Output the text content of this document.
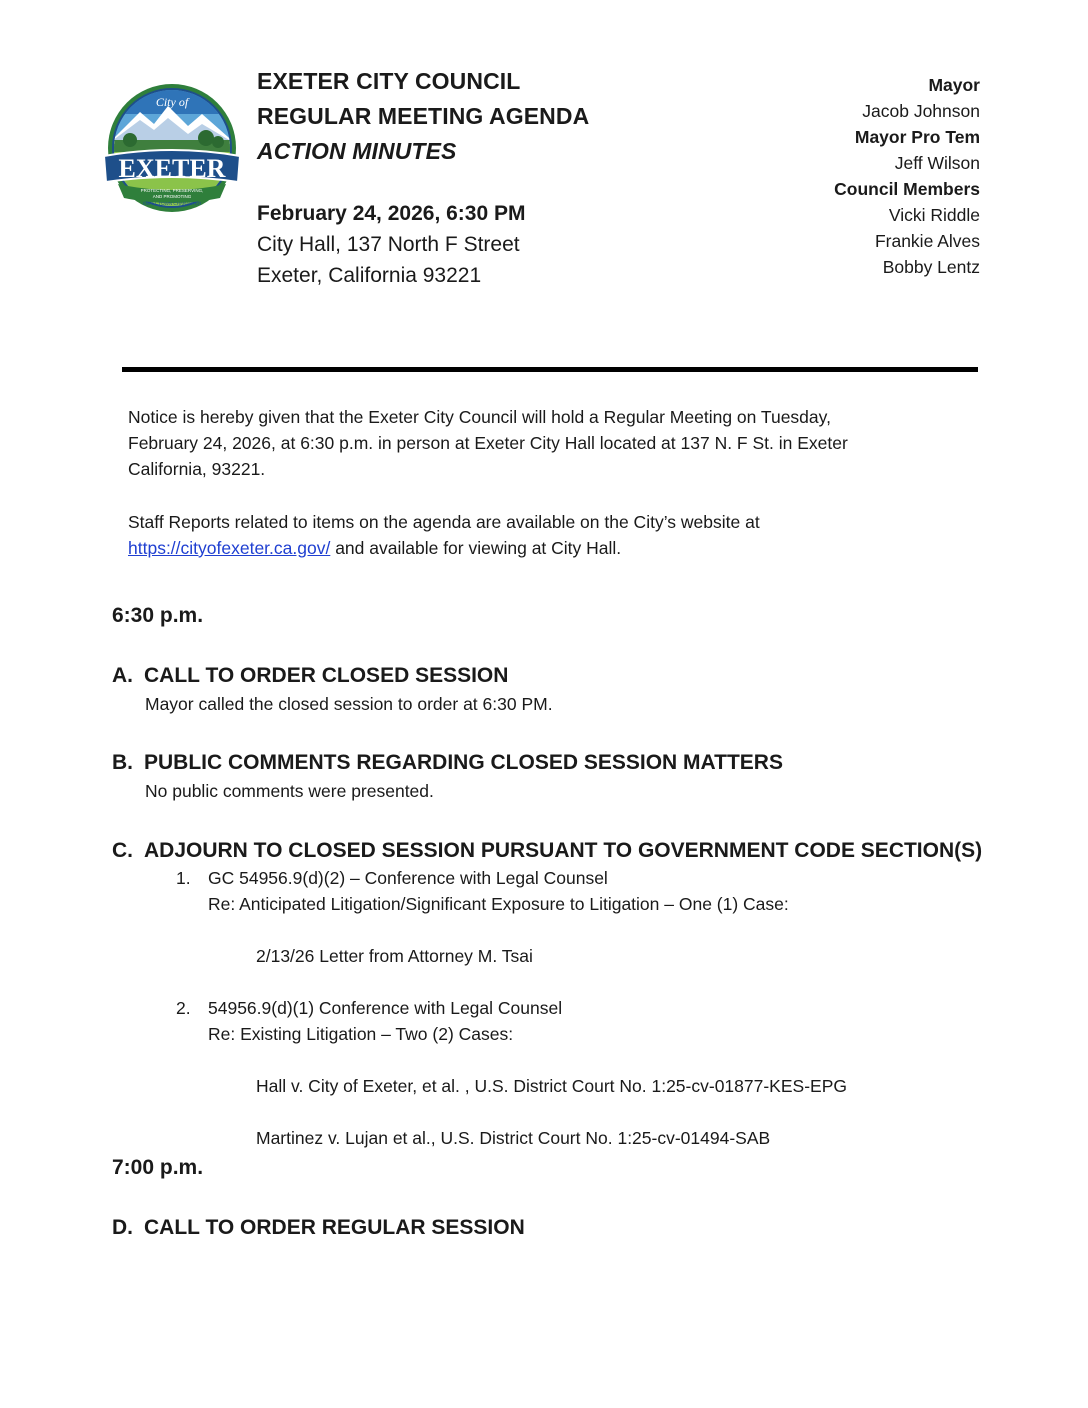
EXETER
City of
PROTECTING, PRESERVING,
AND PROMOTING
SMALL TOWN CHARACTER
EXETER CITY COUNCIL
REGULAR MEETING AGENDA
ACTION MINUTES
February 24, 2026, 6:30 PM
City Hall, 137 North F Street
Exeter, California 93221
Mayor
Jacob Johnson
Mayor Pro Tem
Jeff Wilson
Council Members
Vicki Riddle
Frankie Alves
Bobby Lentz
Notice is hereby given that the Exeter City Council will hold a Regular Meeting on Tuesday,
February 24, 2026, at 6:30 p.m. in person at Exeter City Hall located at 137 N. F St. in Exeter
California, 93221.
Staff Reports related to items on the agenda are available on the City’s website at
https://cityofexeter.ca.gov/ and available for viewing at City Hall.
6:30 p.m.
A. CALL TO ORDER CLOSED SESSION
Mayor called the closed session to order at 6:30 PM.
B. PUBLIC COMMENTS REGARDING CLOSED SESSION MATTERS
No public comments were presented.
C. ADJOURN TO CLOSED SESSION PURSUANT TO GOVERNMENT CODE SECTION(S)
1. GC 54956.9(d)(2) – Conference with Legal Counsel
Re: Anticipated Litigation/Significant Exposure to Litigation – One (1) Case:
2/13/26 Letter from Attorney M. Tsai
2. 54956.9(d)(1) Conference with Legal Counsel
Re: Existing Litigation – Two (2) Cases:
Hall v. City of Exeter, et al. , U.S. District Court No. 1:25-cv-01877-KES-EPG
Martinez v. Lujan et al., U.S. District Court No. 1:25-cv-01494-SAB
7:00 p.m.
D. CALL TO ORDER REGULAR SESSION
